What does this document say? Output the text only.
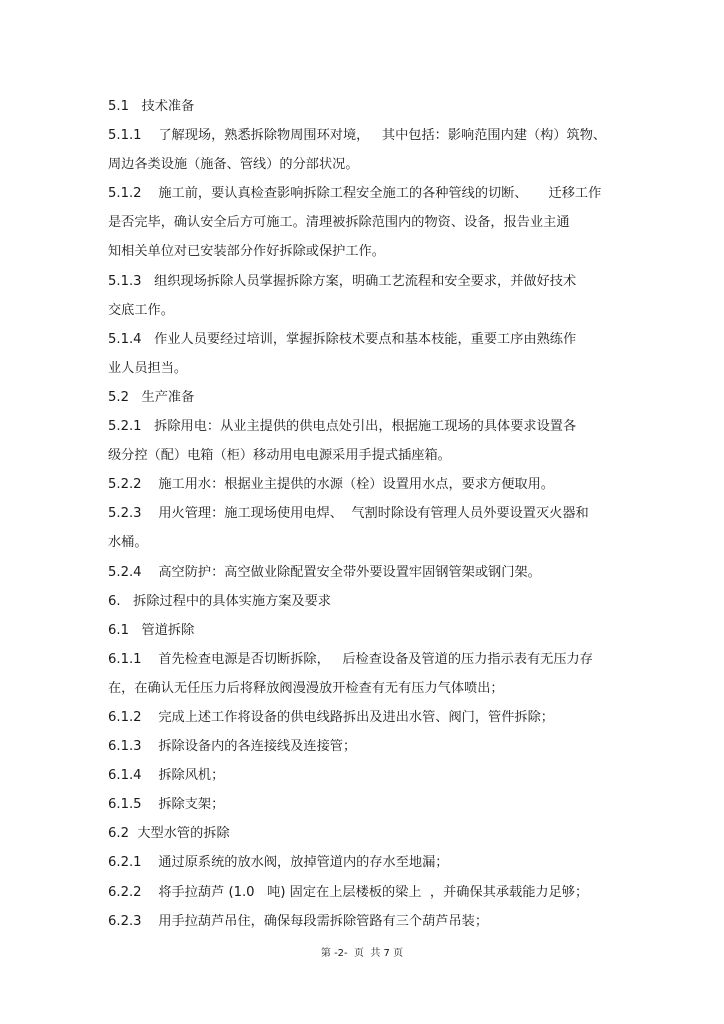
5.1   技术准备
5.1.1    了解现场，熟悉拆除物周围环对境，   其中包括：影响范围内建（构）筑物、
周边各类设施（施备、管线）的分部状况。
5.1.2    施工前，要认真检查影响拆除工程安全施工的各种管线的切断、     迁移工作
是否完毕，确认安全后方可施工。清理被拆除范围内的物资、设备，报告业主通
知相关单位对已安装部分作好拆除或保护工作。
5.1.3   组织现场拆除人员掌握拆除方案，明确工艺流程和安全要求，并做好技术
交底工作。
5.1.4   作业人员要经过培训，掌握拆除枝术要点和基本枝能，重要工序由熟练作
业人员担当。
5.2   生产准备
5.2.1   拆除用电：从业主提供的供电点处引出，根据施工现场的具体要求设置各
级分控（配）电箱（柜）移动用电电源采用手提式插座箱。
5.2.2    施工用水：根据业主提供的水源（栓）设置用水点，要求方便取用。
5.2.3    用火管理：施工现场使用电焊、  气割时除设有管理人员外要设置灭火器和
水桶。
5.2.4    高空防护：高空做业除配置安全带外要设置牢固钢管架或钢门架。
6.   拆除过程中的具体实施方案及要求
6.1   管道拆除
6.1.1    首先检查电源是否切断拆除，   后检查设备及管道的压力指示表有无压力存
在，在确认无任压力后将释放阀漫漫放开检查有无有压力气体喷出；
6.1.2    完成上述工作将设备的供电线路拆出及进出水管、阀门，管件拆除；
6.1.3    拆除设备内的各连接线及连接管；
6.1.4    拆除风机；
6.1.5    拆除支架；
6.2  大型水管的拆除
6.2.1    通过原系统的放水阀，放掉管道内的存水至地漏；
6.2.2    将手拉葫芦 (1.0   吨) 固定在上层楼板的梁上  ，并确保其承载能力足够；
6.2.3    用手拉葫芦吊住，确保每段需拆除管路有三个葫芦吊装；
第 -2-  页  共 7 页
